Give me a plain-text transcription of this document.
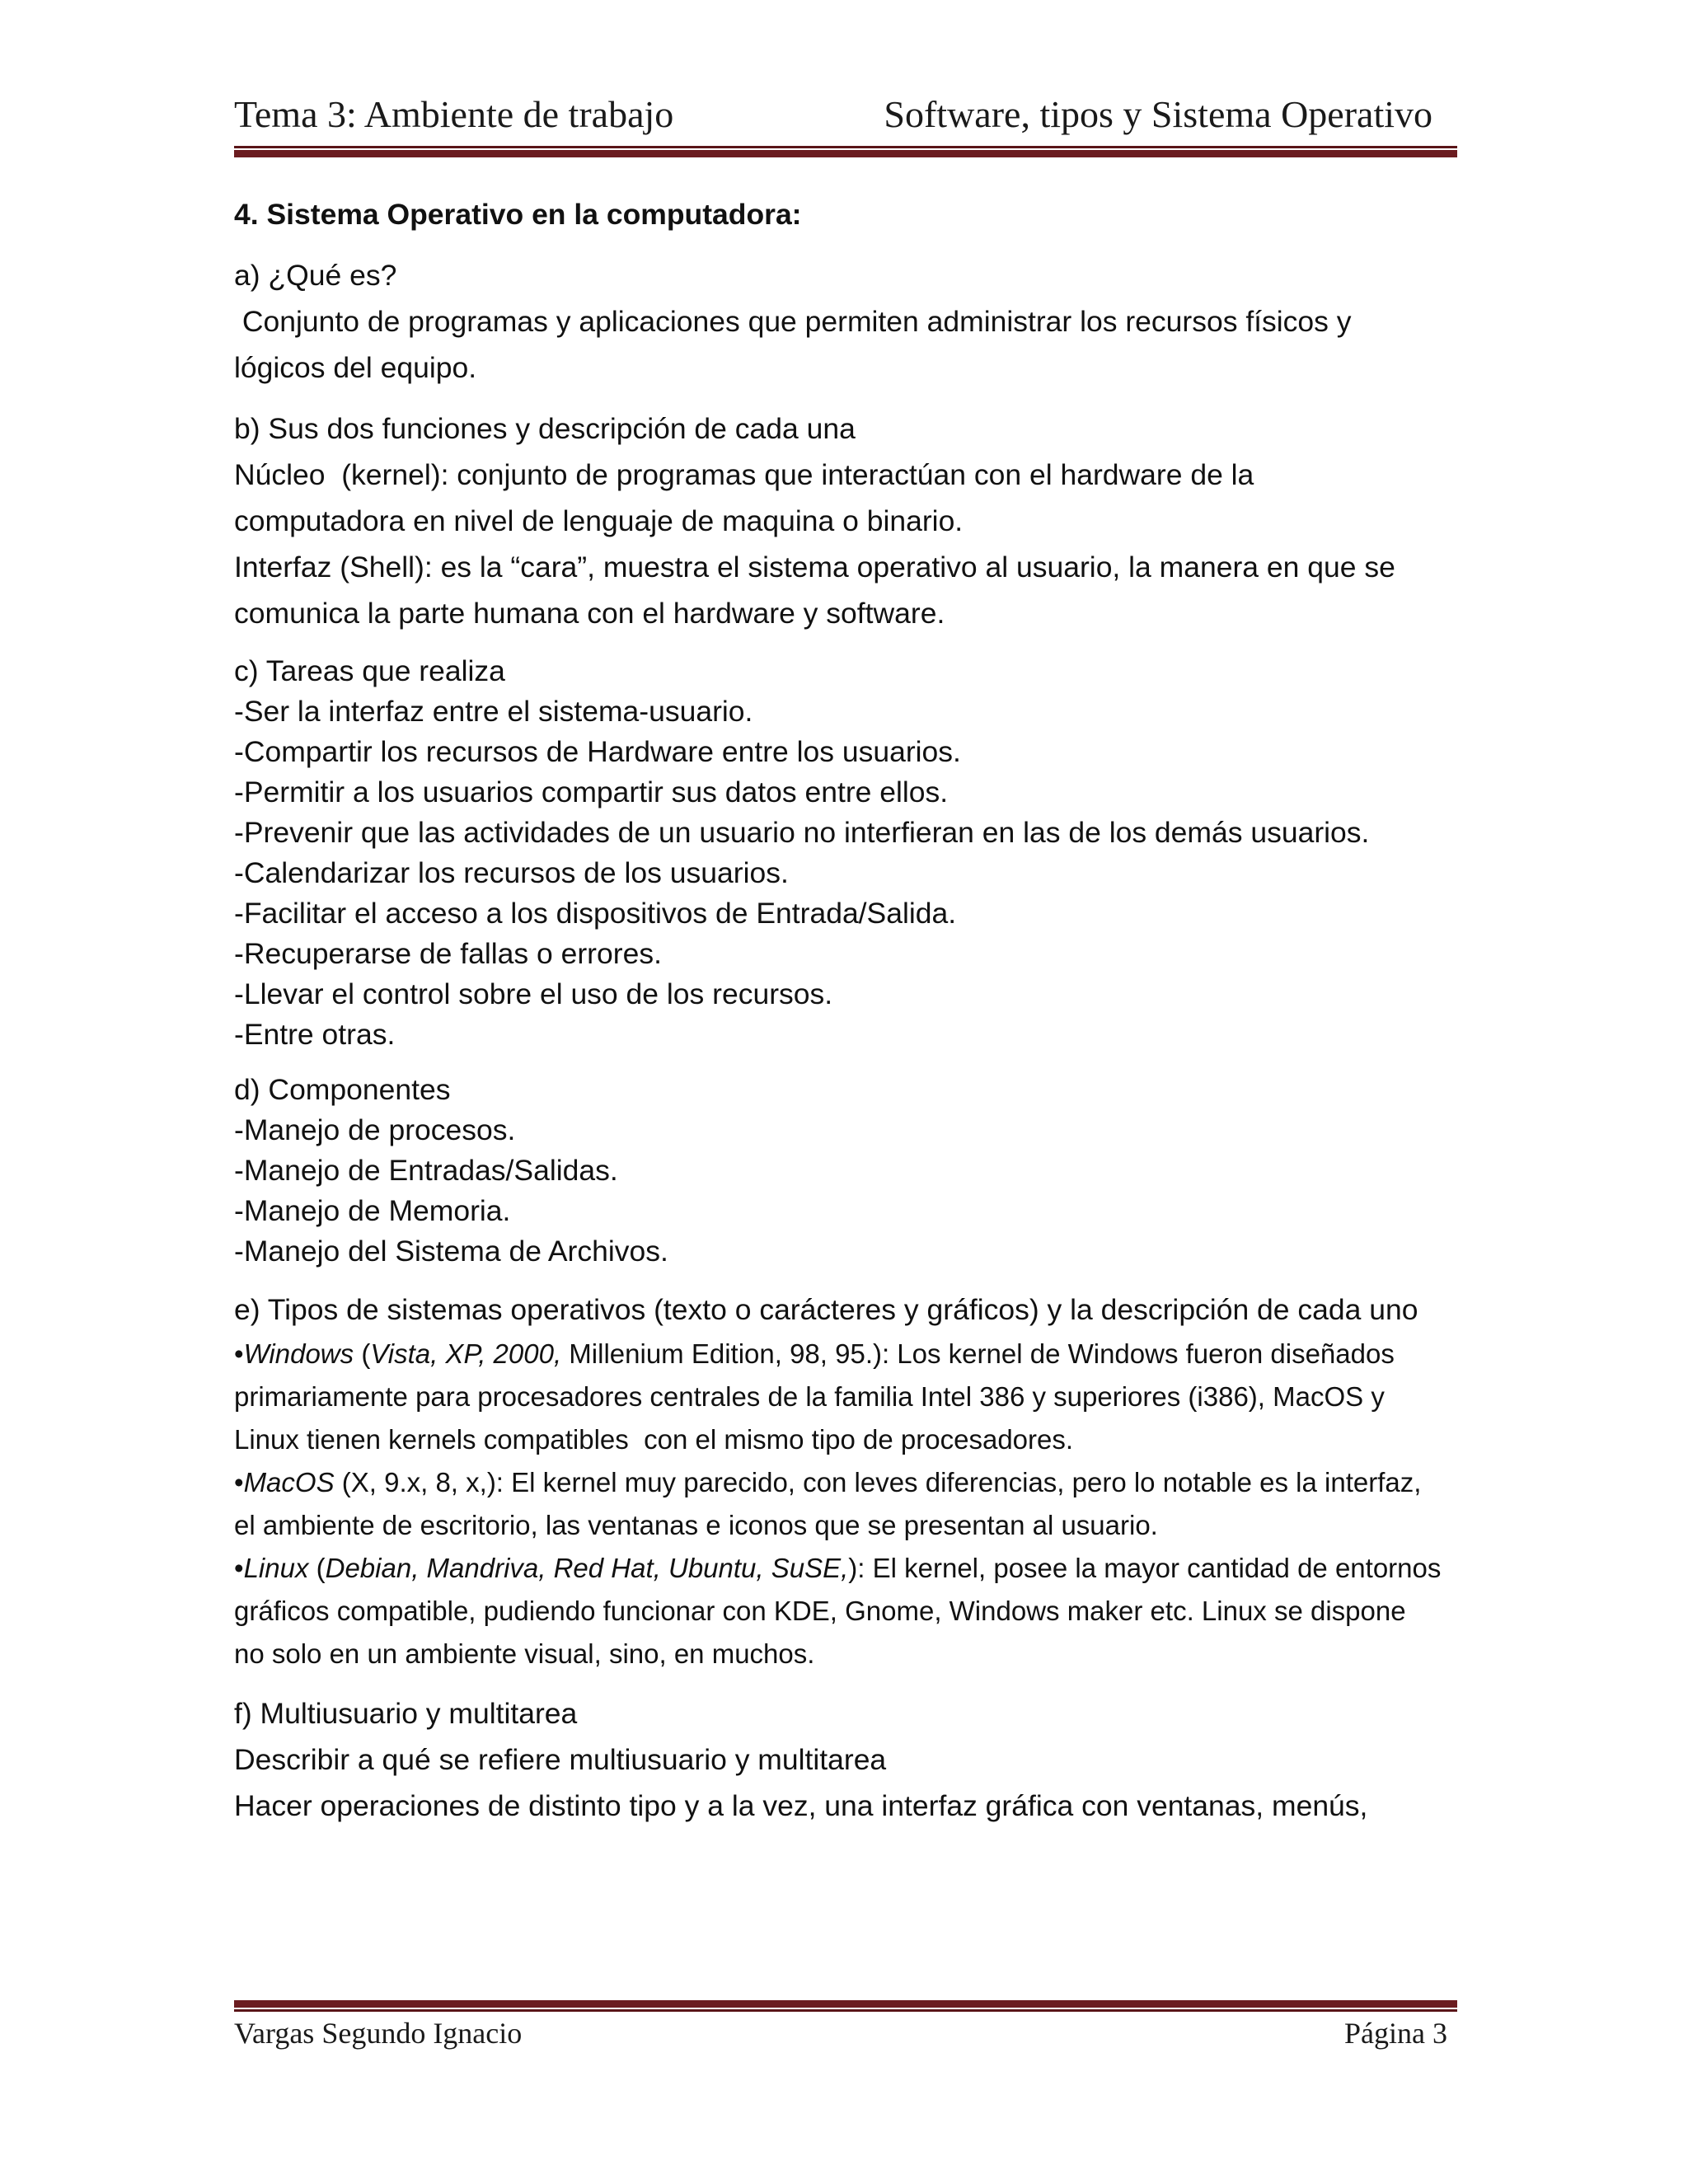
Tema 3: Ambiente de trabajo	Software, tipos y Sistema Operativo

4. Sistema Operativo en la computadora:

a) ¿Qué es?

Conjunto de programas y aplicaciones que permiten administrar los recursos físicos y

lógicos del equipo.

b) Sus dos funciones y descripción de cada una

Núcleo  (kernel): conjunto de programas que interactúan con el hardware de la

computadora en nivel de lenguaje de maquina o binario.

Interfaz (Shell): es la “cara”, muestra el sistema operativo al usuario, la manera en que se

comunica la parte humana con el hardware y software.

c) Tareas que realiza

-Ser la interfaz entre el sistema-usuario.

-Compartir los recursos de Hardware entre los usuarios.

-Permitir a los usuarios compartir sus datos entre ellos.

-Prevenir que las actividades de un usuario no interfieran en las de los demás usuarios.

-Calendarizar los recursos de los usuarios.

-Facilitar el acceso a los dispositivos de Entrada/Salida.

-Recuperarse de fallas o errores.

-Llevar el control sobre el uso de los recursos.

-Entre otras.

d) Componentes

-Manejo de procesos.

-Manejo de Entradas/Salidas.

-Manejo de Memoria.

-Manejo del Sistema de Archivos.

e) Tipos de sistemas operativos (texto o carácteres y gráficos) y la descripción de cada uno

•Windows (Vista, XP, 2000, Millenium Edition, 98, 95.): Los kernel de Windows fueron diseñados

primariamente para procesadores centrales de la familia Intel 386 y superiores (i386), MacOS y

Linux tienen kernels compatibles  con el mismo tipo de procesadores.

•MacOS (X, 9.x, 8, x,): El kernel muy parecido, con leves diferencias, pero lo notable es la interfaz,

el ambiente de escritorio, las ventanas e iconos que se presentan al usuario.

•Linux (Debian, Mandriva, Red Hat, Ubuntu, SuSE,): El kernel, posee la mayor cantidad de entornos

gráficos compatible, pudiendo funcionar con KDE, Gnome, Windows maker etc. Linux se dispone

no solo en un ambiente visual, sino, en muchos.

f) Multiusuario y multitarea

Describir a qué se refiere multiusuario y multitarea

Hacer operaciones de distinto tipo y a la vez, una interfaz gráfica con ventanas, menús,

Vargas Segundo Ignacio	Página 3
